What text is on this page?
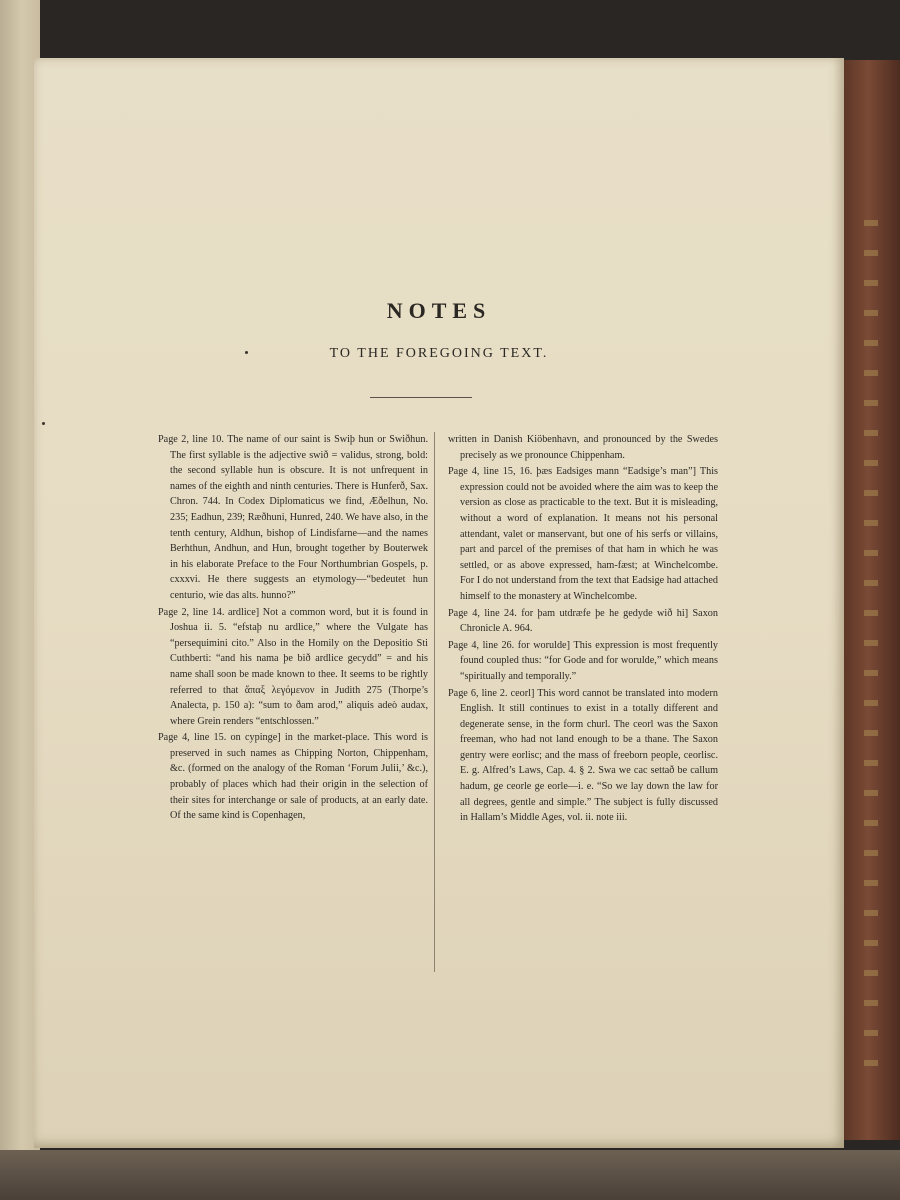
NOTES
TO THE FOREGOING TEXT.

Page 2, line 10. The name of our saint is Swiþ hun or Swiðhun. The first syllable is the adjective swið = validus, strong, bold: the second syllable hun is obscure. It is not unfrequent in names of the eighth and ninth centuries. There is Hunferð, Sax. Chron. 744. In Codex Diplomaticus we find, Æðelhun, No. 235; Eadhun, 239; Ræðhuni, Hunred, 240. We have also, in the tenth century, Aldhun, bishop of Lindisfarne—and the names Berhthun, Andhun, and Hun, brought together by Bouterwek in his elaborate Preface to the Four Northumbrian Gospels, p. cxxxvi. He there suggests an etymology—“bedeutet hun centurio, wie das alts. hunno?”

Page 2, line 14. ardlice] Not a common word, but it is found in Joshua ii. 5. “efstaþ nu ardlice,” where the Vulgate has “persequimini cito.” Also in the Homily on the Depositio Sti Cuthberti: “and his nama þe bið ardlice gecydd” = and his name shall soon be made known to thee. It seems to be rightly referred to that ἅπαξ λεγόμενον in Judith 275 (Thorpe’s Analecta, p. 150 a): “sum to ðam arod,” aliquis adeò audax, where Grein renders “entschlossen.”

Page 4, line 15. on cypinge] in the market-place. This word is preserved in such names as Chipping Norton, Chippenham, &c. (formed on the analogy of the Roman ‘Forum Julii,’ &c.), probably of places which had their origin in the selection of their sites for interchange or sale of products, at an early date. Of the same kind is Copenhagen,

written in Danish Kiöbenhavn, and pronounced by the Swedes precisely as we pronounce Chippenham.

Page 4, line 15, 16. þæs Eadsiges mann “Eadsige’s man”] This expression could not be avoided where the aim was to keep the version as close as practicable to the text. But it is misleading, without a word of explanation. It means not his personal attendant, valet or manservant, but one of his serfs or villains, part and parcel of the premises of that ham in which he was settled, or as above expressed, ham-fæst; at Winchelcombe. For I do not understand from the text that Eadsige had attached himself to the monastery at Winchelcombe.

Page 4, line 24. for þam utdræfe þe he gedyde wið hi] Saxon Chronicle A. 964.

Page 4, line 26. for woruldе] This expression is most frequently found coupled thus: “for Gode and for worulde,” which means “spiritually and temporally.”

Page 6, line 2. ceorl] This word cannot be translated into modern English. It still continues to exist in a totally different and degenerate sense, in the form churl. The ceorl was the Saxon freeman, who had not land enough to be a thane. The Saxon gentry were eorlisc; and the mass of freeborn people, ceorlisc. E. g. Alfred’s Laws, Cap. 4. § 2. Swa we cac settað be callum hadum, ge ceorle ge eorle—i. e. “So we lay down the law for all degrees, gentle and simple.” The subject is fully discussed in Hallam’s Middle Ages, vol. ii. note iii.
